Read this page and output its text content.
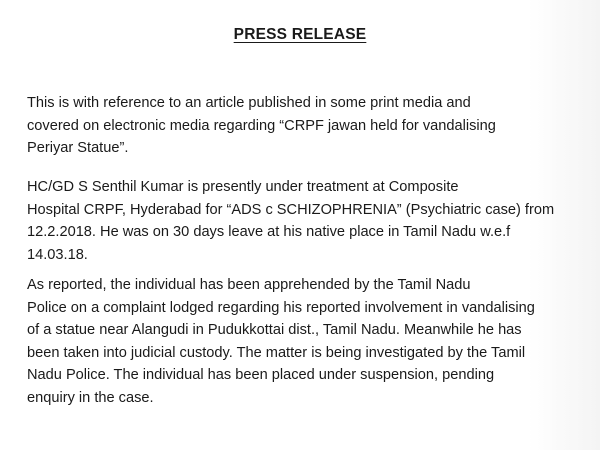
PRESS RELEASE

This is with reference to an article published in some print media and
covered on electronic media regarding “CRPF jawan held for vandalising
Periyar Statue”.

HC/GD S Senthil Kumar is presently under treatment at Composite
Hospital CRPF, Hyderabad for “ADS c SCHIZOPHRENIA” (Psychiatric case) from
12.2.2018. He was on 30 days leave at his native place in Tamil Nadu w.e.f
14.03.18.

As reported, the individual has been apprehended by the Tamil Nadu
Police on a complaint lodged regarding his reported involvement in vandalising
of a statue near Alangudi in Pudukkottai dist., Tamil Nadu. Meanwhile he has
been taken into judicial custody. The matter is being investigated by the Tamil
Nadu Police. The individual has been placed under suspension, pending
enquiry in the case.
